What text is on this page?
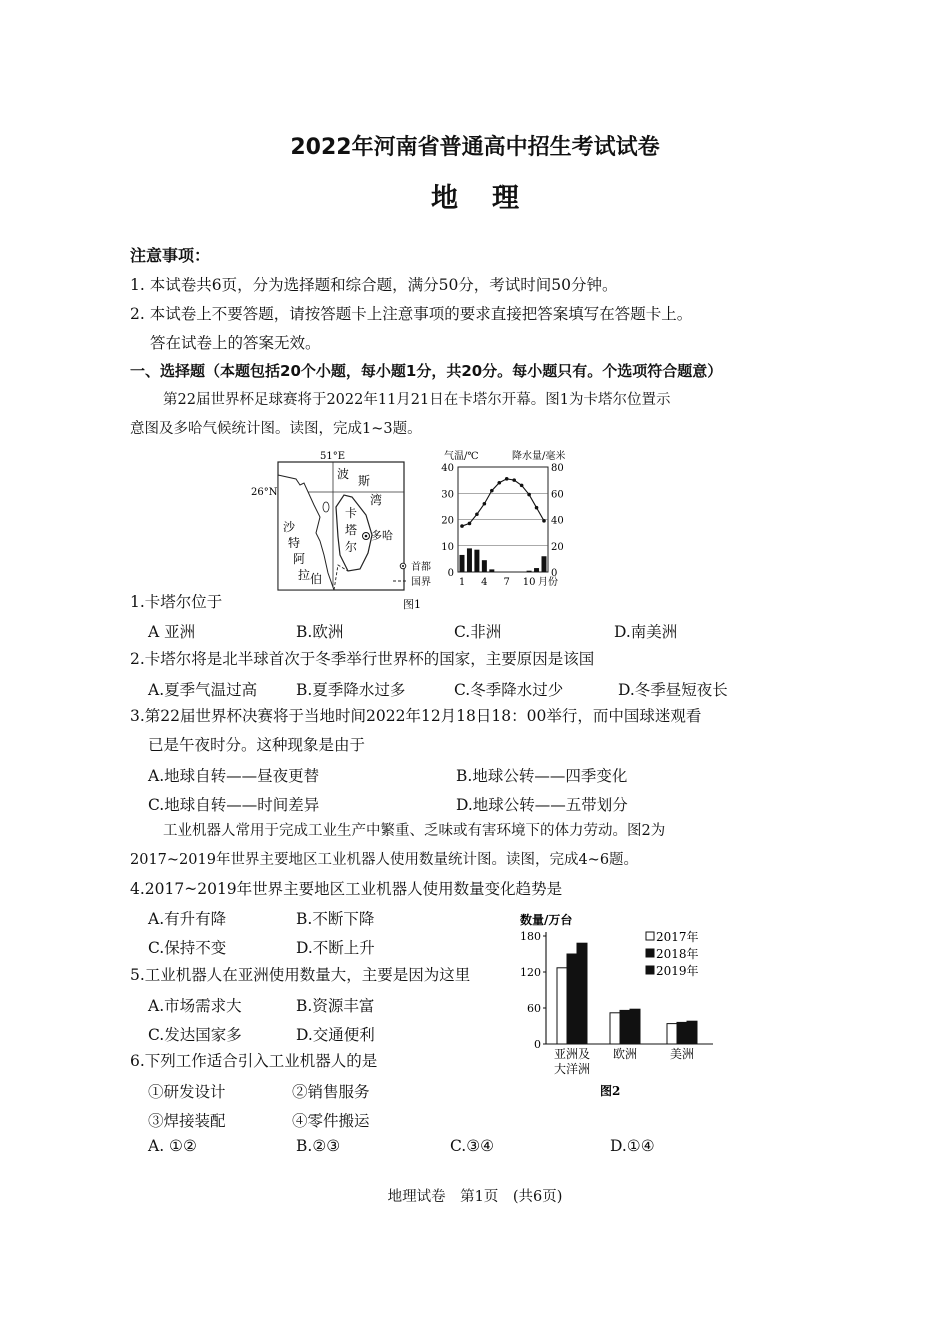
2022年河南省普通高中招生考试试卷
地理
注意事项：
1. 本试卷共6页，分为选择题和综合题，满分50分，考试时间50分钟。
2. 本试卷上不要答题，请按答题卡上注意事项的要求直接把答案填写在答题卡上。
答在试卷上的答案无效。
一、选择题（本题包括20个小题，每小题1分，共20分。每小题只有。个选项符合题意）
第22届世界杯足球赛将于2022年11月21日在卡塔尔开幕。图1为卡塔尔位置示
意图及多哈气候统计图。读图，完成1~3题。
51°E
26°N
波 斯
湾
卡
塔
尔
沙
特
阿
拉 伯
多哈
首都
国界
0
10
20
30
40
0
20
40
60
80
气温/℃	降水量/毫米
1 4 7 10 月份
图1
1.卡塔尔位于
A 亚洲	B.欧洲	C.非洲	D.南美洲
2.卡塔尔将是北半球首次于冬季举行世界杯的国家，主要原因是该国
A.夏季气温过高	B.夏季降水过多	C.冬季降水过少	D.冬季昼短夜长
3.第22届世界杯决赛将于当地时间2022年12月18日18：00举行，而中国球迷观看
已是午夜时分。这种现象是由于
A.地球自转——昼夜更替	B.地球公转——四季变化
C.地球自转——时间差异	D.地球公转——五带划分
工业机器人常用于完成工业生产中繁重、乏味或有害环境下的体力劳动。图2为
2017~2019年世界主要地区工业机器人使用数量统计图。读图，完成4~6题。
4.2017~2019年世界主要地区工业机器人使用数量变化趋势是
A.有升有降	B.不断下降
C.保持不变	D.不断上升
5.工业机器人在亚洲使用数量大，主要是因为这里
A.市场需求大	B.资源丰富
C.发达国家多	D.交通便利
6.下列工作适合引入工业机器人的是
①研发设计	②销售服务
③焊接装配	④零件搬运
A. ①②	B.②③	C.③④	D.①④
数量/万台
0
60
120
180
亚洲及
大洋洲
欧洲	美洲
2017年
2018年
2019年
图2
地理试卷　第1页　(共6页)
